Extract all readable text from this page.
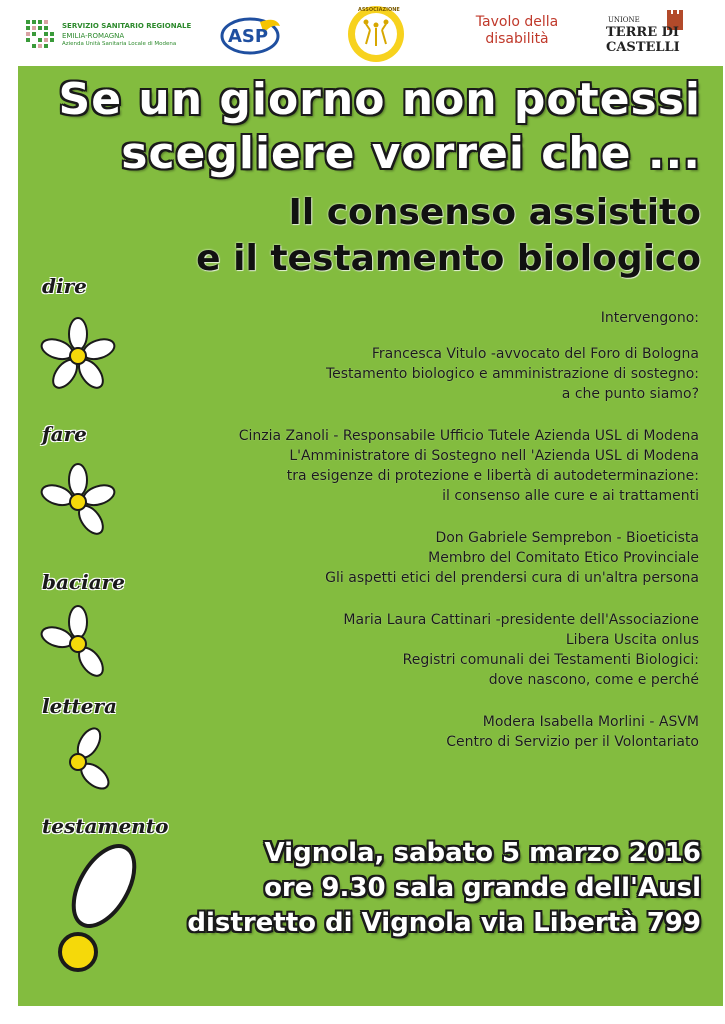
SERVIZIO SANITARIO REGIONALE
EMILIA-ROMAGNA
Azienda Unità Sanitaria Locale di Modena	ASP
ASSOCIAZIONE
Tavolo della
disabilità
UNIONE
TERRE DI
CASTELLI
Se un giorno non potessi
scegliere vorrei che ...
Il consenso assistito
e il testamento biologico
dire
fare
baciare
lettera
testamento
Intervengono:
Francesca Vitulo -avvocato del Foro di Bologna
Testamento biologico e amministrazione di sostegno:
a che punto siamo?
Cinzia Zanoli - Responsabile Ufficio Tutele Azienda USL di Modena
L'Amministratore di Sostegno nell 'Azienda USL di Modena
tra esigenze di protezione e libertà di autodeterminazione:
il consenso alle cure e ai trattamenti
Don Gabriele Semprebon - Bioeticista
Membro del Comitato Etico Provinciale
Gli aspetti etici del prendersi cura di un'altra persona
Maria Laura Cattinari -presidente dell'Associazione
Libera Uscita onlus
Registri comunali dei Testamenti Biologici:
dove nascono, come e perché
Modera Isabella Morlini - ASVM
Centro di Servizio per il Volontariato
Vignola, sabato 5 marzo 2016
ore 9.30 sala grande dell'Ausl
distretto di Vignola via Libertà 799
